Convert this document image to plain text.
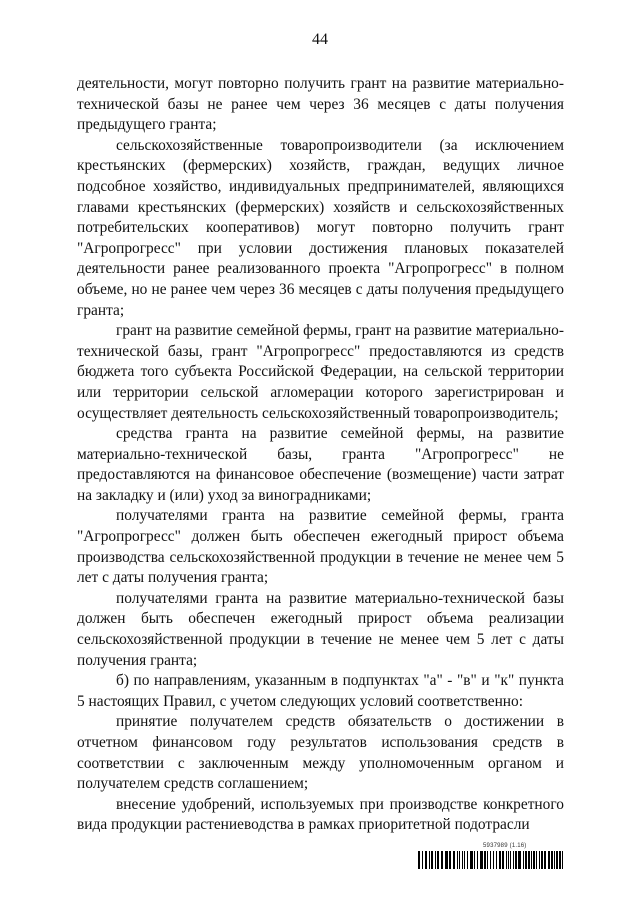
44

деятельности, могут повторно получить грант на развитие материально-технической базы не ранее чем через 36 месяцев с даты получения предыдущего гранта;

сельскохозяйственные товаропроизводители (за исключением крестьянских (фермерских) хозяйств, граждан, ведущих личное подсобное хозяйство, индивидуальных предпринимателей, являющихся главами крестьянских (фермерских) хозяйств и сельскохозяйственных потребительских кооперативов) могут повторно получить грант "Агропрогресс" при условии достижения плановых показателей деятельности ранее реализованного проекта "Агропрогресс" в полном объеме, но не ранее чем через 36 месяцев с даты получения предыдущего гранта;

грант на развитие семейной фермы, грант на развитие материально-технической базы, грант "Агропрогресс" предоставляются из средств бюджета того субъекта Российской Федерации, на сельской территории или территории сельской агломерации которого зарегистрирован и осуществляет деятельность сельскохозяйственный товаропроизводитель;

средства гранта на развитие семейной фермы, на развитие материально-технической базы, гранта "Агропрогресс" не предоставляются на финансовое обеспечение (возмещение) части затрат на закладку и (или) уход за виноградниками;

получателями гранта на развитие семейной фермы, гранта "Агропрогресс" должен быть обеспечен ежегодный прирост объема производства сельскохозяйственной продукции в течение не менее чем 5 лет с даты получения гранта;

получателями гранта на развитие материально-технической базы должен быть обеспечен ежегодный прирост объема реализации сельскохозяйственной продукции в течение не менее чем 5 лет с даты получения гранта;

б) по направлениям, указанным в подпунктах "а" - "в" и "к" пункта 5 настоящих Правил, с учетом следующих условий соответственно:

принятие получателем средств обязательств о достижении в отчетном финансовом году результатов использования средств в соответствии с заключенным между уполномоченным органом и получателем средств соглашением;

внесение удобрений, используемых при производстве конкретного вида продукции растениеводства в рамках приоритетной подотрасли

5937989 (1.16)
